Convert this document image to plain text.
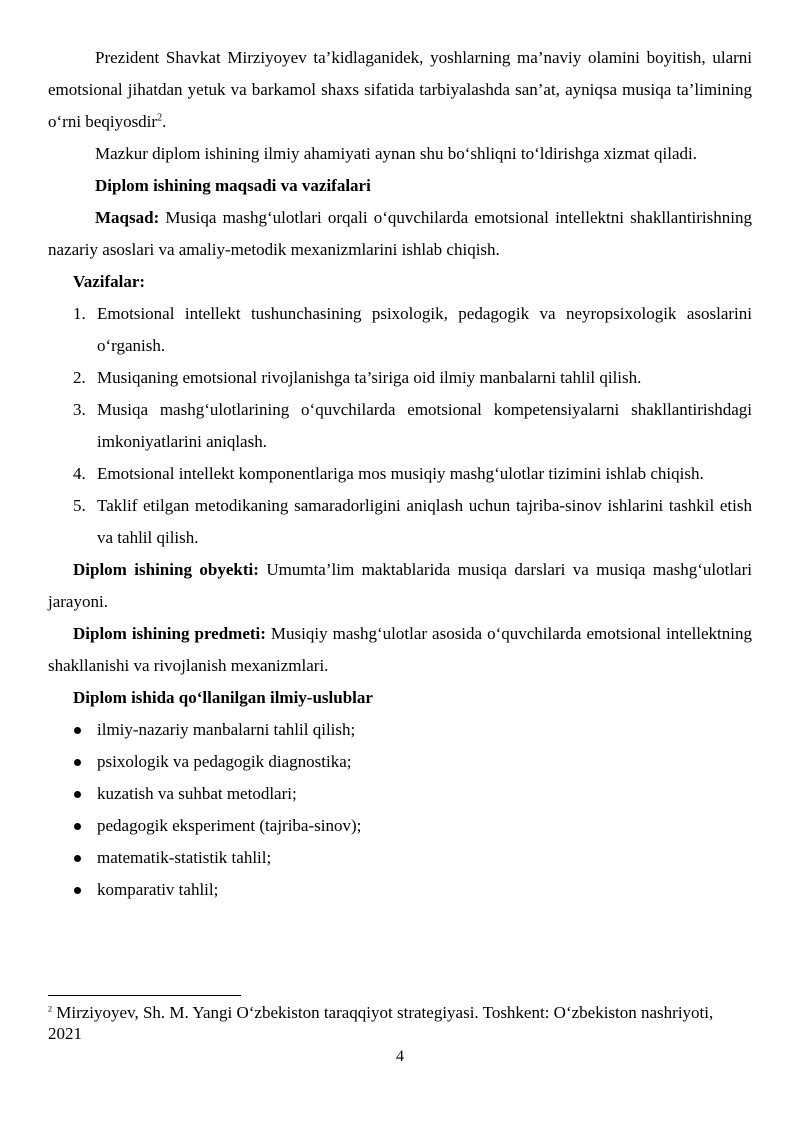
Prezident Shavkat Mirziyoyev ta’kidlaganidek, yoshlarning ma’naviy olamini boyitish, ularni emotsional jihatdan yetuk va barkamol shaxs sifatida tarbiyalashda san’at, ayniqsa musiqa ta’limining o‘rni beqiyosdir$^2$.

Mazkur diplom ishining ilmiy ahamiyati aynan shu bo‘shliqni to‘ldirishga xizmat qiladi.

Diplom ishining maqsadi va vazifalari

Maqsad: Musiqa mashg‘ulotlari orqali o‘quvchilarda emotsional intellektni shakllantirishning nazariy asoslari va amaliy-metodik mexanizmlarini ishlab chiqish.

Vazifalar:

1. Emotsional intellekt tushunchasining psixologik, pedagogik va neyropsixologik asoslarini o‘rganish.
2. Musiqaning emotsional rivojlanishga ta’siriga oid ilmiy manbalarni tahlil qilish.
3. Musiqa mashg‘ulotlarining o‘quvchilarda emotsional kompetensiyalarni shakllantirishdagi imkoniyatlarini aniqlash.
4. Emotsional intellekt komponentlariga mos musiqiy mashg‘ulotlar tizimini ishlab chiqish.
5. Taklif etilgan metodikaning samaradorligini aniqlash uchun tajriba-sinov ishlarini tashkil etish va tahlil qilish.

Diplom ishining obyekti: Umumta’lim maktablarida musiqa darslari va musiqa mashg‘ulotlari jarayoni.

Diplom ishining predmeti: Musiqiy mashg‘ulotlar asosida o‘quvchilarda emotsional intellektning shakllanishi va rivojlanish mexanizmlari.

Diplom ishida qo‘llanilgan ilmiy-uslublar

ilmiy-nazariy manbalarni tahlil qilish;
psixologik va pedagogik diagnostika;
kuzatish va suhbat metodlari;
pedagogik eksperiment (tajriba-sinov);
matematik-statistik tahlil;
komparativ tahlil;
$^2$ Mirziyoyev, Sh. M. Yangi O‘zbekiston taraqqiyot strategiyasi. Toshkent: O‘zbekiston nashriyoti, 2021
4
